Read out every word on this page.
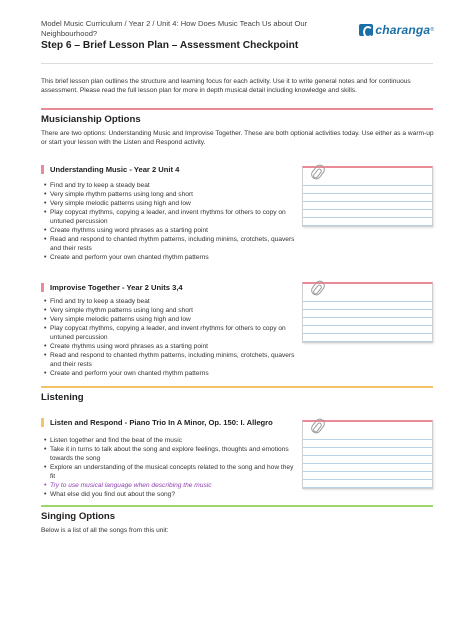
Model Music Curriculum / Year 2 / Unit 4: How Does Music Teach Us about Our Neighbourhood?
Step 6 – Brief Lesson Plan – Assessment Checkpoint
charanga ®

This brief lesson plan outlines the structure and learning focus for each activity. Use it to write general notes and for continuous assessment. Please read the full lesson plan for more in depth musical detail including knowledge and skills.

Musicianship Options

There are two options: Understanding Music and Improvise Together. These are both optional activities today. Use either as a warm-up or start your lesson with the Listen and Respond activity.

Understanding Music - Year 2 Unit 4
• Find and try to keep a steady beat
• Very simple rhythm patterns using long and short
• Very simple melodic patterns using high and low
• Play copycat rhythms, copying a leader, and invent rhythms for others to copy on untuned percussion
• Create rhythms using word phrases as a starting point
• Read and respond to chanted rhythm patterns, including minims, crotchets, quavers and their rests
• Create and perform your own chanted rhythm patterns
Improvise Together - Year 2 Units 3,4
• Find and try to keep a steady beat
• Very simple rhythm patterns using long and short
• Very simple melodic patterns using high and low
• Play copycat rhythms, copying a leader, and invent rhythms for others to copy on untuned percussion
• Create rhythms using word phrases as a starting point
• Read and respond to chanted rhythm patterns, including minims, crotchets, quavers and their rests
• Create and perform your own chanted rhythm patterns
Listening
Listen and Respond - Piano Trio In A Minor, Op. 150: I. Allegro
• Listen together and find the beat of the music
• Take it in turns to talk about the song and explore feelings, thoughts and emotions towards the song
• Explore an understanding of the musical concepts related to the song and how they fit
• Try to use musical language when describing the music
• What else did you find out about the song?
Singing Options

Below is a list of all the songs from this unit:
